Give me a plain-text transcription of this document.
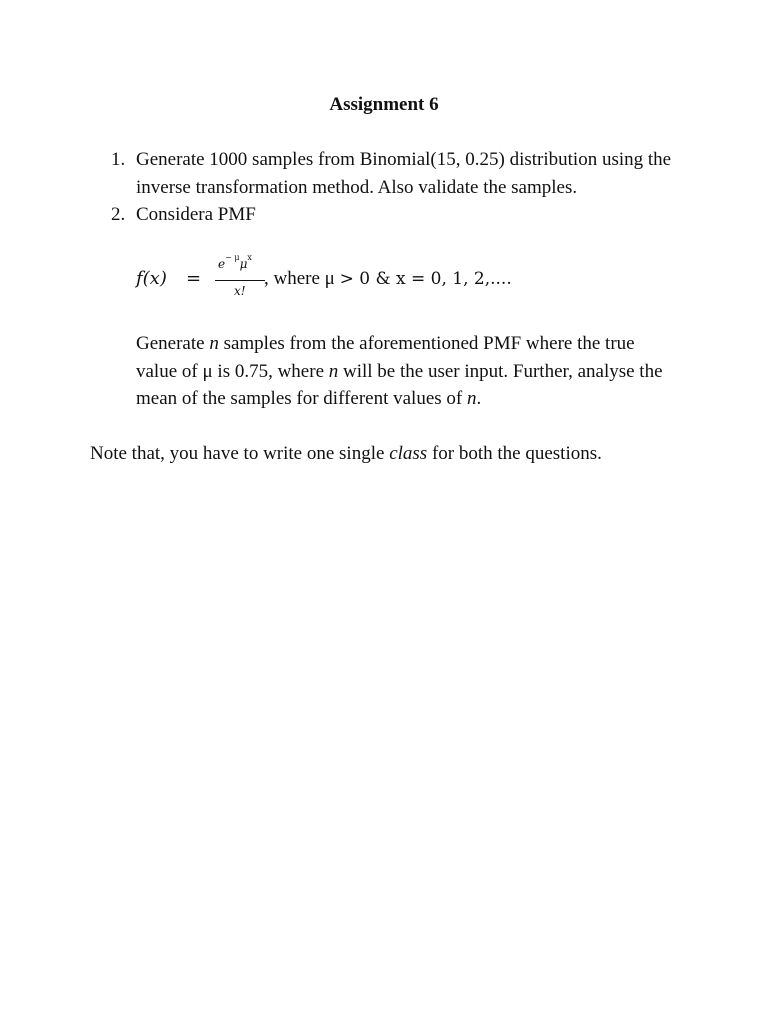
Assignment 6
1. Generate 1000 samples from Binomial(15, 0.25) distribution using the inverse transformation method. Also validate the samples.
2. Considera PMF
f(x) =
$e^{- \mu}\mu^x$
x!
, where μ > 0 & x = 0, 1, 2,....
Generate n samples from the aforementioned PMF where the true value of μ is 0.75, where n will be the user input. Further, analyse the mean of the samples for different values of n.
Note that, you have to write one single class for both the questions.
